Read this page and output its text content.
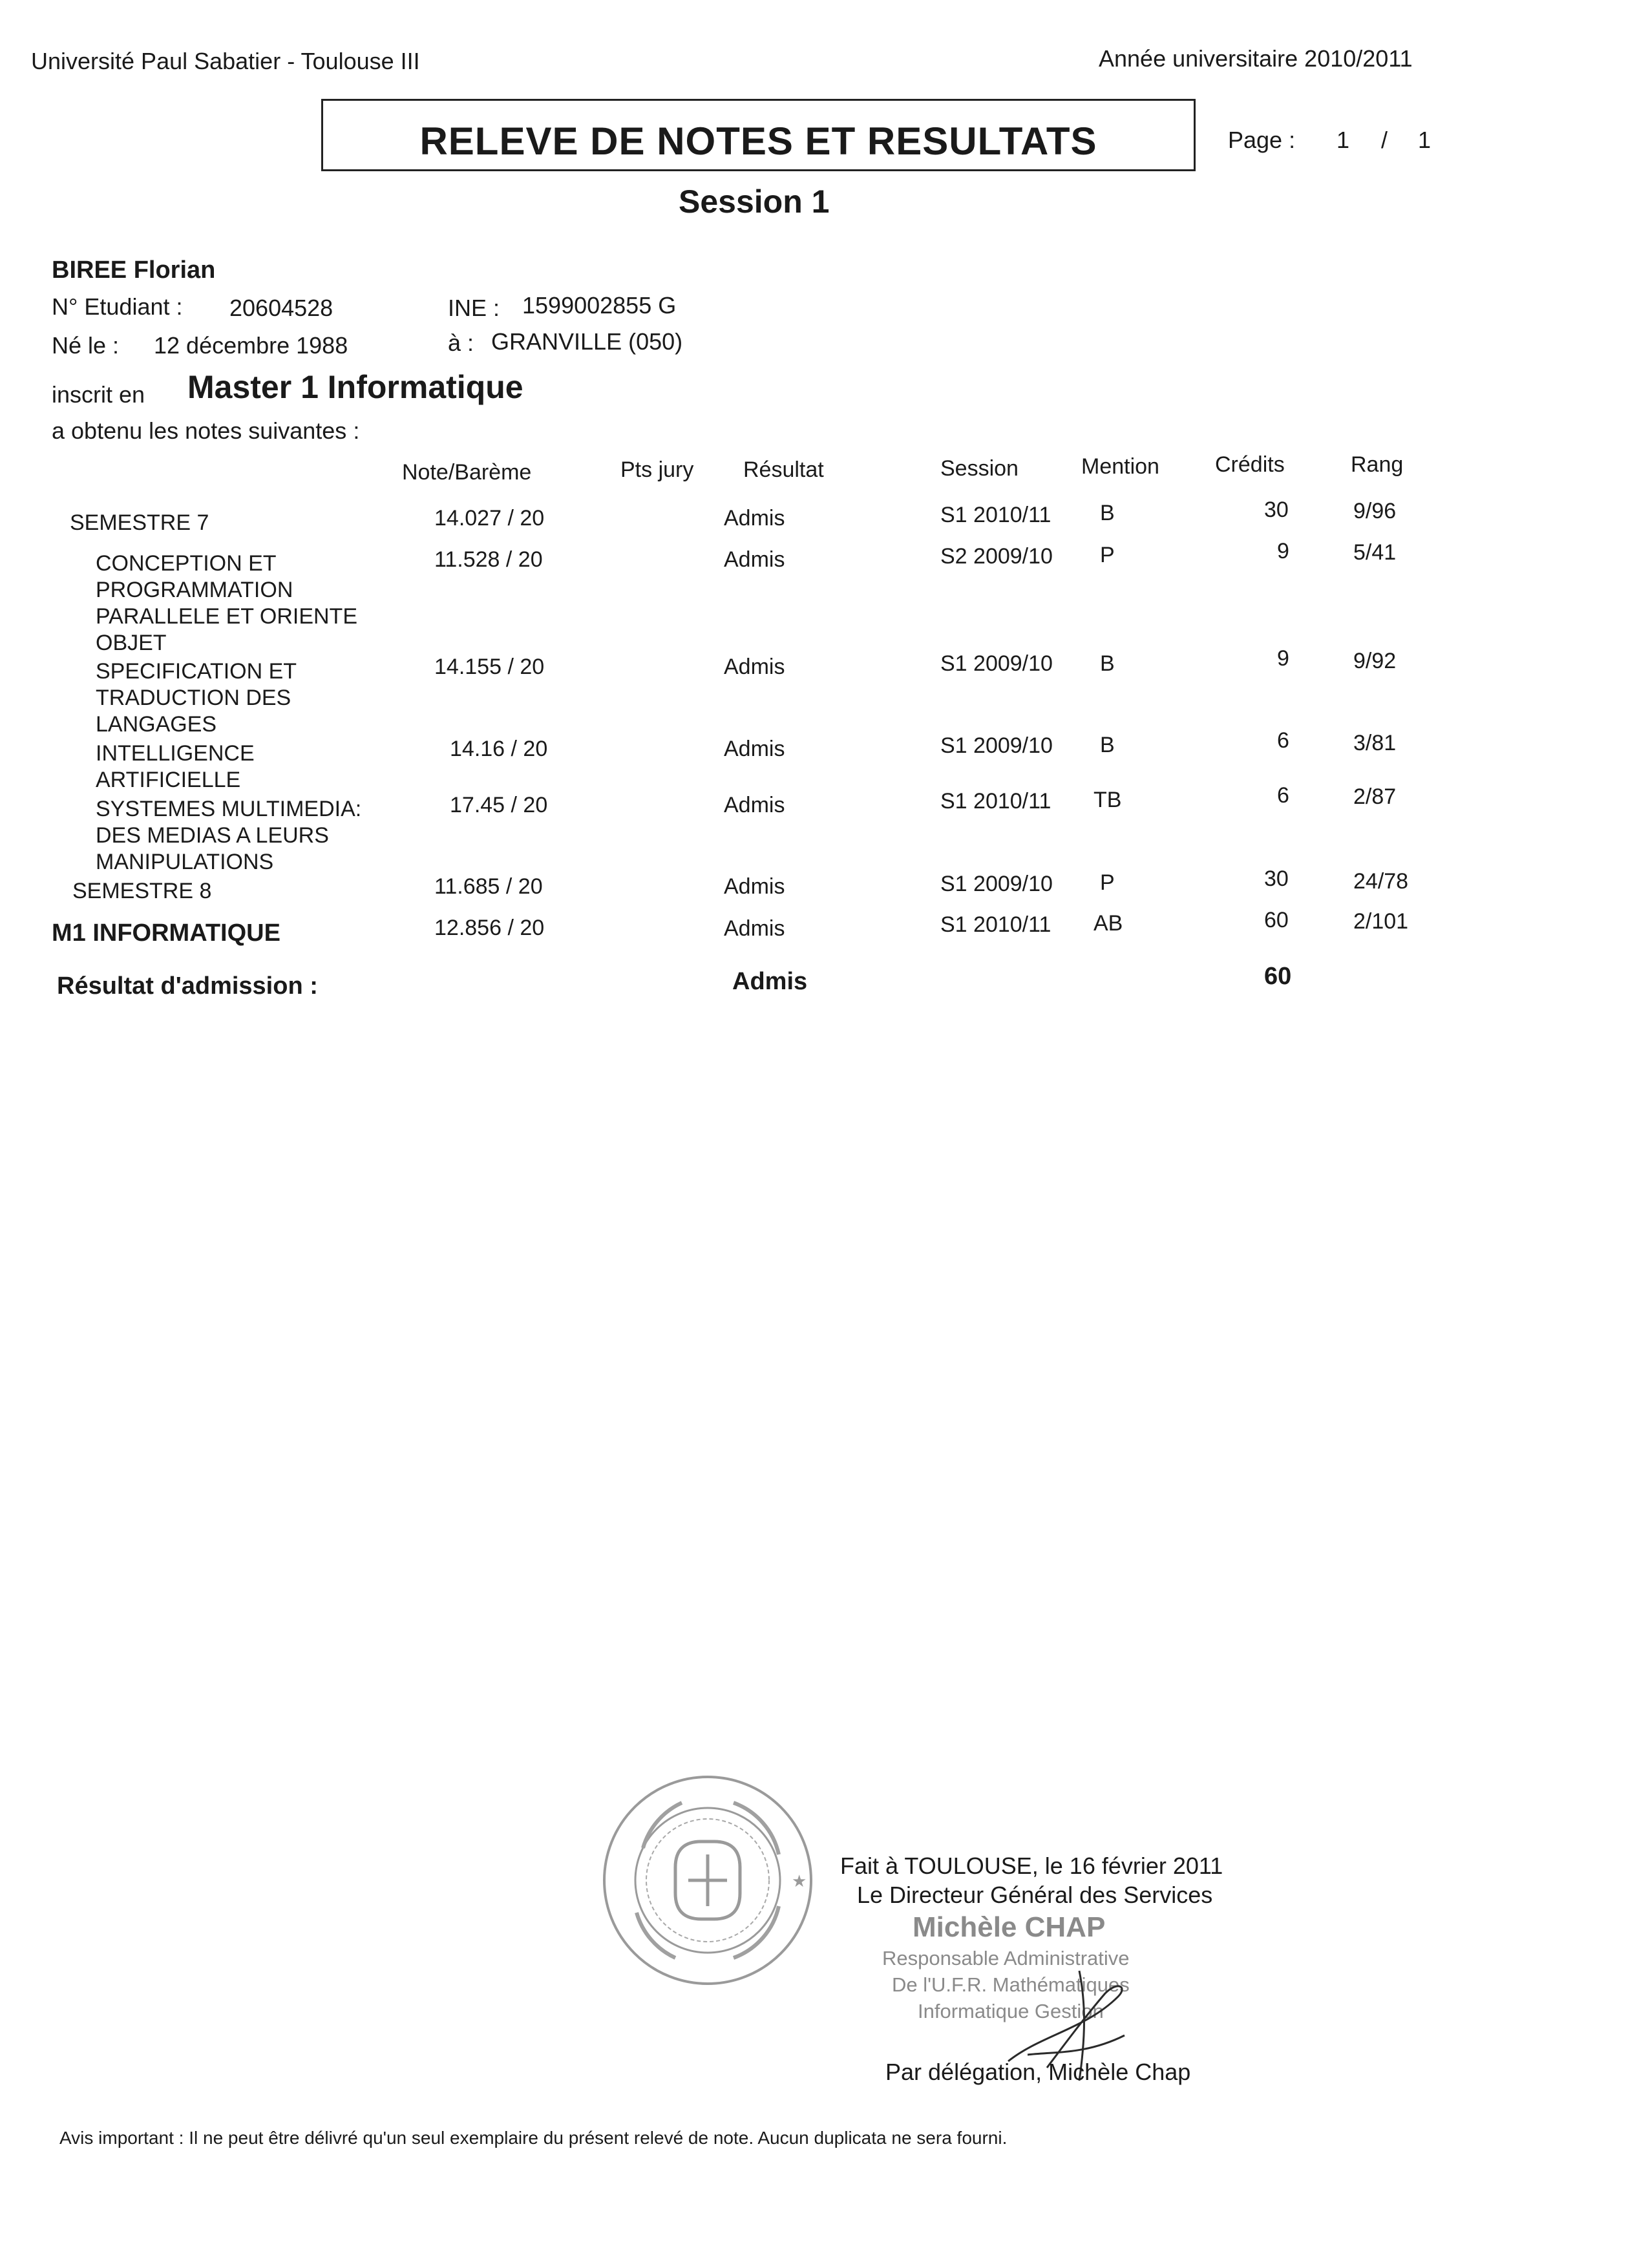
Université Paul Sabatier - Toulouse III	Année universitaire 2010/2011
RELEVE DE NOTES ET RESULTATS	Page : 1 / 1
Session 1
BIREE Florian
N° Etudiant : 20604528	INE : 1599002855 G
Né le : 12 décembre 1988	à : GRANVILLE (050)
inscrit en Master 1 Informatique
a obtenu les notes suivantes :
Note/Barème	Pts jury Résultat	Session	Mention	Crédits	Rang
SEMESTRE 7	14.027 / 20	Admis	S1 2010/11 B	30	9/96
CONCEPTION ET
PROGRAMMATION
PARALLELE ET ORIENTE
OBJET
11.528 / 20	Admis	S2 2009/10 P	9	5/41
SPECIFICATION ET
TRADUCTION DES
LANGAGES
14.155 / 20	Admis	S1 2009/10 B	9	9/92
INTELLIGENCE
ARTIFICIELLE
14.16 / 20	Admis	S1 2009/10 B	6	3/81
SYSTEMES MULTIMEDIA:
DES MEDIAS A LEURS
MANIPULATIONS
17.45 / 20	Admis	S1 2010/11 TB	6	2/87
SEMESTRE 8	11.685 / 20	Admis	S1 2009/10 P	30	24/78
M1 INFORMATIQUE	12.856 / 20	Admis	S1 2010/11 AB	60	2/101
Résultat d'admission :	Admis	60
★
Fait à TOULOUSE, le 16 février 2011
Le Directeur Général des Services
Michèle CHAP
Responsable Administrative
De l'U.F.R. Mathématiques
Informatique Gestion
Par délégation, Michèle Chap
Avis important : Il ne peut être délivré qu'un seul exemplaire du présent relevé de note. Aucun duplicata ne sera fourni.
